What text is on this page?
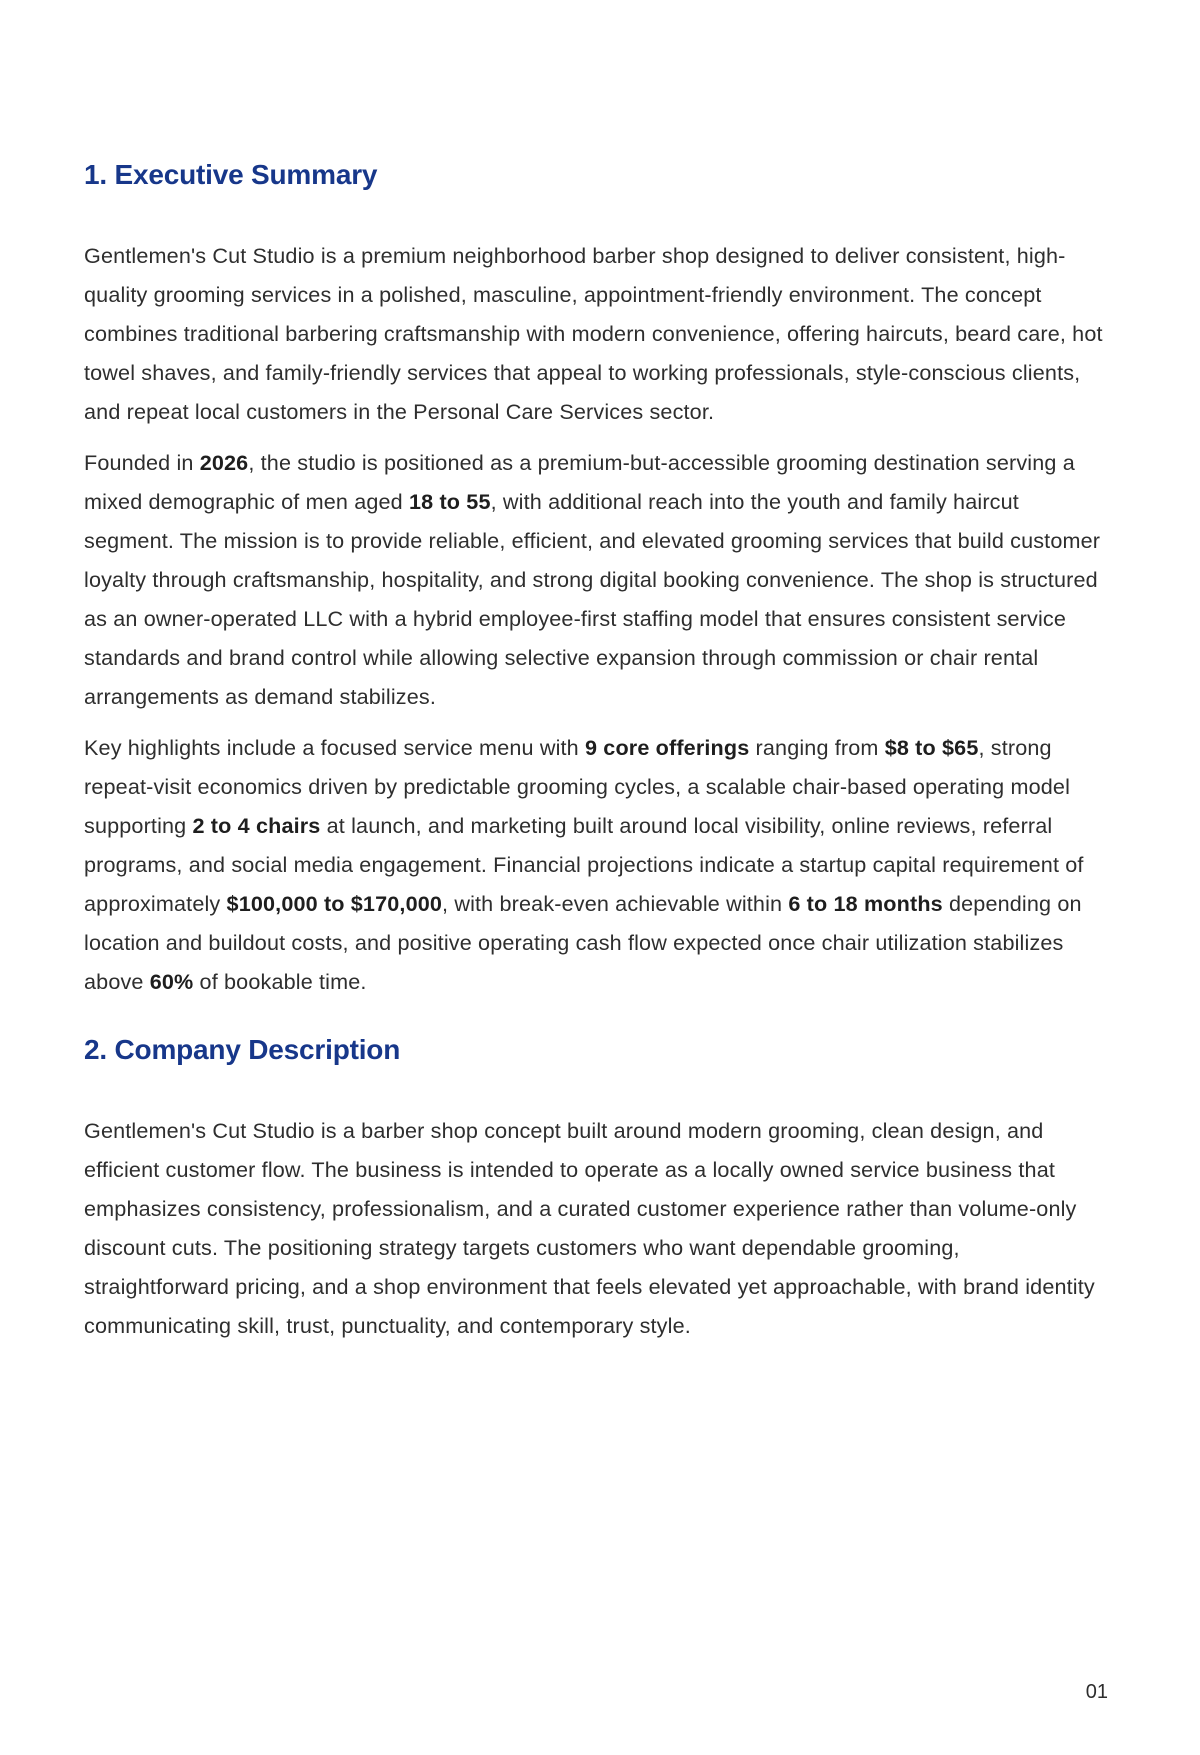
1. Executive Summary

Gentlemen's Cut Studio is a premium neighborhood barber shop designed to deliver consistent, high-quality grooming services in a polished, masculine, appointment-friendly environment. The concept combines traditional barbering craftsmanship with modern convenience, offering haircuts, beard care, hot towel shaves, and family-friendly services that appeal to working professionals, style-conscious clients, and repeat local customers in the Personal Care Services sector.

Founded in 2026, the studio is positioned as a premium-but-accessible grooming destination serving a mixed demographic of men aged 18 to 55, with additional reach into the youth and family haircut segment. The mission is to provide reliable, efficient, and elevated grooming services that build customer loyalty through craftsmanship, hospitality, and strong digital booking convenience. The shop is structured as an owner-operated LLC with a hybrid employee-first staffing model that ensures consistent service standards and brand control while allowing selective expansion through commission or chair rental arrangements as demand stabilizes.

Key highlights include a focused service menu with 9 core offerings ranging from $8 to $65, strong repeat-visit economics driven by predictable grooming cycles, a scalable chair-based operating model supporting 2 to 4 chairs at launch, and marketing built around local visibility, online reviews, referral programs, and social media engagement. Financial projections indicate a startup capital requirement of approximately $100,000 to $170,000, with break-even achievable within 6 to 18 months depending on location and buildout costs, and positive operating cash flow expected once chair utilization stabilizes above 60% of bookable time.

2. Company Description

Gentlemen's Cut Studio is a barber shop concept built around modern grooming, clean design, and efficient customer flow. The business is intended to operate as a locally owned service business that emphasizes consistency, professionalism, and a curated customer experience rather than volume-only discount cuts. The positioning strategy targets customers who want dependable grooming, straightforward pricing, and a shop environment that feels elevated yet approachable, with brand identity communicating skill, trust, punctuality, and contemporary style.

01
